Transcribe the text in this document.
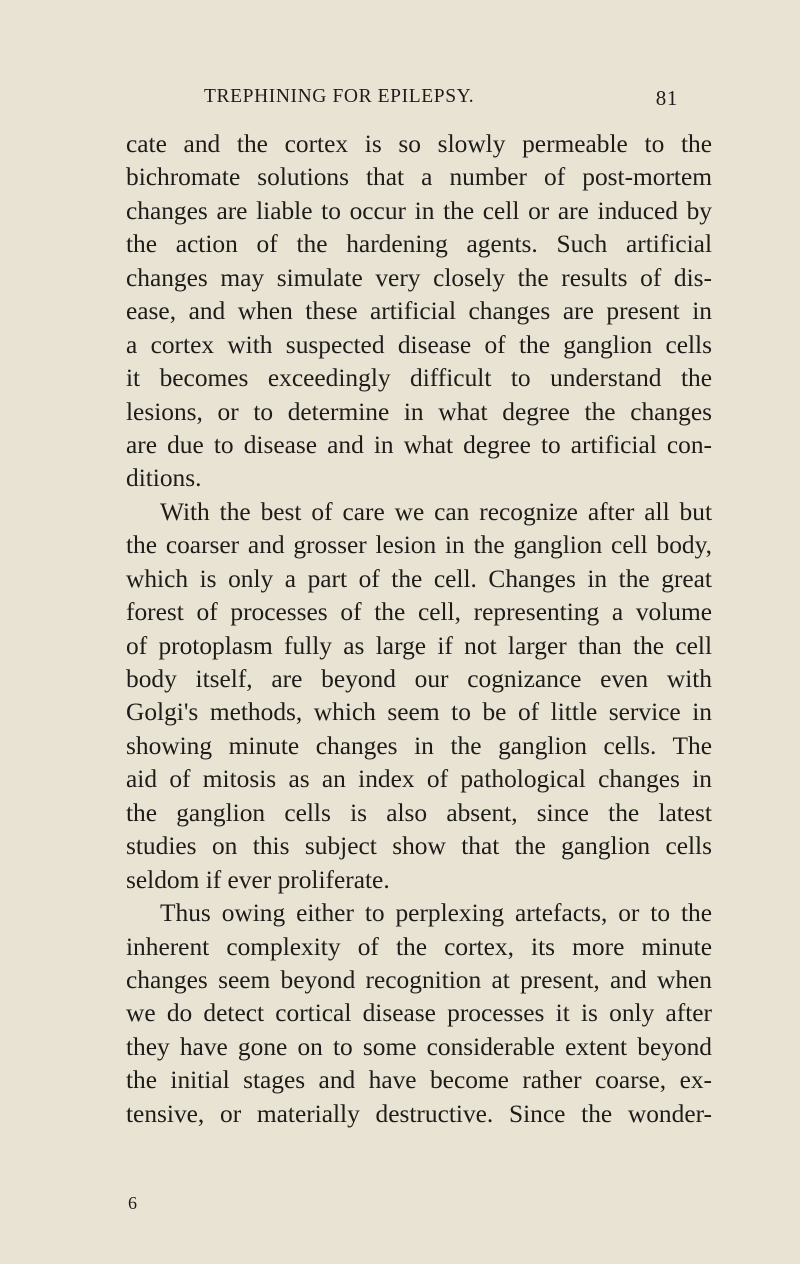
TREPHINING FOR EPILEPSY.	81
cate and the cortex is so slowly permeable to the
bichromate solutions that a number of post-mortem
changes are liable to occur in the cell or are induced by
the action of the hardening agents. Such artificial
changes may simulate very closely the results of dis-
ease, and when these artificial changes are present in
a cortex with suspected disease of the ganglion cells
it becomes exceedingly difficult to understand the
lesions, or to determine in what degree the changes
are due to disease and in what degree to artificial con-
ditions.
With the best of care we can recognize after all but
the coarser and grosser lesion in the ganglion cell body,
which is only a part of the cell. Changes in the great
forest of processes of the cell, representing a volume
of protoplasm fully as large if not larger than the cell
body itself, are beyond our cognizance even with
Golgi's methods, which seem to be of little service in
showing minute changes in the ganglion cells. The
aid of mitosis as an index of pathological changes in
the ganglion cells is also absent, since the latest
studies on this subject show that the ganglion cells
seldom if ever proliferate.
Thus owing either to perplexing artefacts, or to the
inherent complexity of the cortex, its more minute
changes seem beyond recognition at present, and when
we do detect cortical disease processes it is only after
they have gone on to some considerable extent beyond
the initial stages and have become rather coarse, ex-
tensive, or materially destructive. Since the wonder-
6
